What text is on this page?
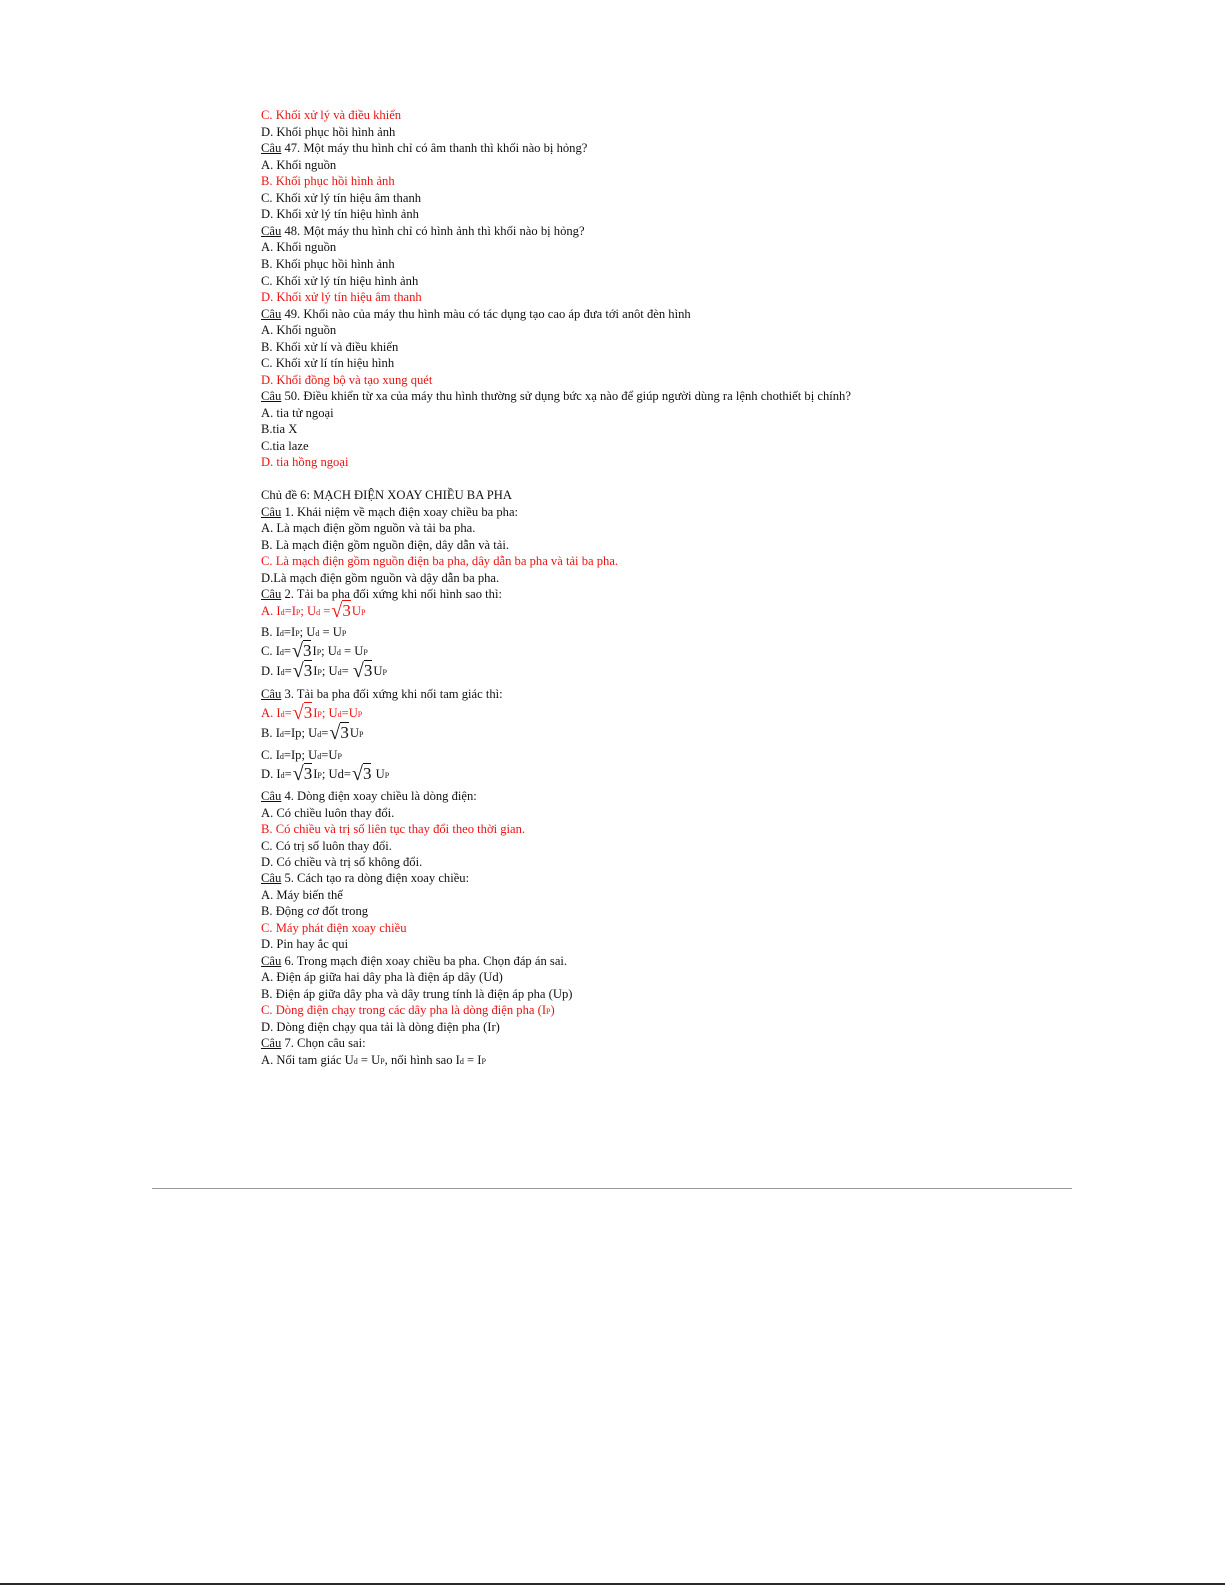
C. Khối xử lý và điều khiển
D. Khối phục hồi hình ảnh
Câu 47. Một máy thu hình chỉ có âm thanh thì khối nào bị hỏng?
A. Khối nguồn
B. Khối phục hồi hình ảnh
C. Khối xử lý tín hiệu âm thanh
D. Khối xử lý tín hiệu hình ảnh
Câu 48. Một máy thu hình chỉ có hình ảnh thì khối nào bị hỏng?
A. Khối nguồn
B. Khối phục hồi hình ảnh
C. Khối xử lý tín hiệu hình ảnh
D. Khối xử lý tín hiệu âm thanh
Câu 49. Khối nào của máy thu hình màu có tác dụng tạo cao áp đưa tới anôt đèn hình
A. Khối nguồn
B. Khối xử lí và điều khiển
C. Khối xử lí tín hiệu hình
D. Khối đồng bộ và tạo xung quét
Câu 50. Điều khiển từ xa của máy thu hình thường sử dụng bức xạ nào để giúp người dùng ra lệnh chothiết bị chính?
A. tia tử ngoại
B.tia X
C.tia laze
D. tia hồng ngoại
Chủ đề 6: MẠCH ĐIỆN XOAY CHIỀU BA PHA
Câu 1. Khái niệm về mạch điện xoay chiều ba pha:
A. Là mạch điện gồm nguồn và tải ba pha.
B. Là mạch điện gồm nguồn điện, dây dẫn và tải.
C. Là mạch điện gồm nguồn điện ba pha, dây dẫn ba pha và tải ba pha.
D.Là mạch điện gồm nguồn và dậy dẫn ba pha.
Câu 2. Tải ba pha đối xứng khi nối hình sao thì:
A. Id=IP; Ud =√3UP
B. Id=IP; Ud = UP
C. Id=√3IP; Ud = UP
D. Id=√3IP; Ud= √3UP
Câu 3. Tải ba pha đối xứng khi nối tam giác thì:
A. Id=√3IP; Ud=UP
B. Id=Ip; Ud=√3UP
C. Id=Ip; Ud=UP
D. Id=√3IP; Ud=√3 UP
Câu 4. Dòng điện xoay chiều là dòng điện:
A. Có chiều luôn thay đổi.
B. Có chiều và trị số liên tục thay đổi theo thời gian.
C. Có trị số luôn thay đổi.
D. Có chiều và trị số không đổi.
Câu 5. Cách tạo ra dòng điện xoay chiều:
A. Máy biến thế
B. Động cơ đốt trong
C. Máy phát điện xoay chiều
D. Pin hay ắc qui
Câu 6. Trong mạch điện xoay chiều ba pha. Chọn đáp án sai.
A. Điện áp giữa hai dây pha là điện áp dây (Ud)
B. Điện áp giữa dây pha và dây trung tính là điện áp pha (Up)
C. Dòng điện chạy trong các dây pha là dòng điện pha (IP)
D. Dòng điện chạy qua tải là dòng điện pha (Ir)
Câu 7. Chọn câu sai:
A. Nối tam giác Ud = UP, nối hình sao Id = IP
